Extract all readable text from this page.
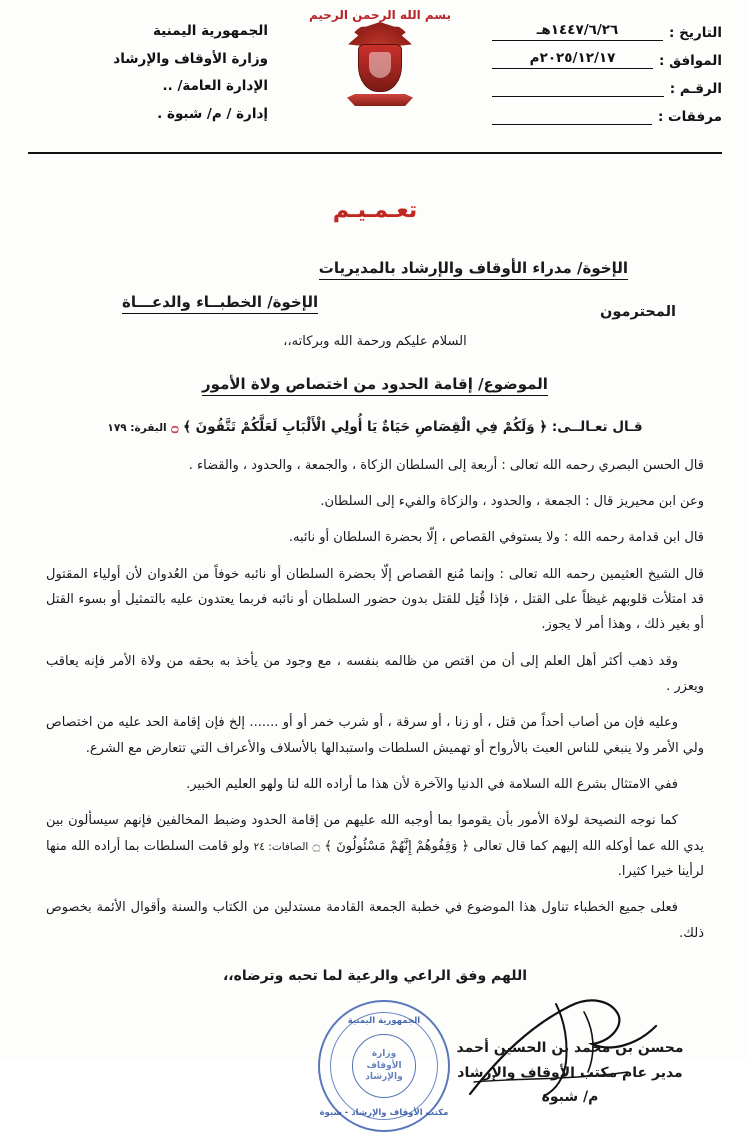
الجمهورية اليمنية
وزارة الأوقاف والإرشاد
الإدارة العامة/ ..
إدارة / م/ شبوة .
بسم الله الرحمن الرحيم
التاريخ :
١٤٤٧/٦/٢٦هـ
الموافق :
٢٠٢٥/١٢/١٧م
الرقـم :
مرفقات :
تعـمـيـم
الإخوة/ مدراء الأوقاف والإرشاد بالمديريات
المحترمون
الإخوة/ الخطبــاء والدعـــاة
السلام عليكم ورحمة الله وبركاته،،
الموضوع/ إقامة الحدود من اختصاص ولاة الأمور
قـال تعـالــى: ﴿ وَلَكُمْ فِي الْقِصَاصِ حَيَاةٌ يَا أُولِي الْأَلْبَابِ لَعَلَّكُمْ تَتَّقُونَ ﴾ ۝ البقرة: ١٧٩

قال الحسن البصري رحمه الله تعالى : أربعة إلى السلطان الزكاة ، والجمعة ، والحدود ، والقضاء .

وعن ابن محيريز قال : الجمعة ، والحدود ، والزكاة والفيء إلى السلطان.

قال ابن قدامة رحمه الله : ولا يستوفي القصاص ، إلّا بحضرة السلطان أو نائبه.

قال الشيخ العثيمين رحمه الله تعالى : وإنما مُنع القصاص إلّا بحضرة السلطان أو نائبه خوفاً من العُدوان لأن أولياء المقتول قد امتلأت قلوبهم غيظاً على القتل ، فإذا قُتِل للقتل بدون حضور السلطان أو نائبه فربما يعتدون عليه بالتمثيل أو بسوء القتل أو بغير ذلك ، وهذا أمر لا يجوز.

وقد ذهب أكثر أهل العلم إلى أن من اقتص من ظالمه بنفسه ، مع وجود من يأخذ به بحقه من ولاة الأمر فإنه يعاقب ويعزر .

وعليه فإن من أصاب أحداً من قتل ، أو زنا ، أو سرقة ، أو شرب خمر أو أو ....... إلخ فإن إقامة الحد عليه من اختصاص ولي الأمر ولا ينبغي للناس العبث بالأرواح أو تهميش السلطات واستبدالها بالأسلاف والأعراف التي تتعارض مع الشرع.

ففي الامتثال بشرع الله السلامة في الدنيا والآخرة لأن هذا ما أراده الله لنا ولهو العليم الخبير.

كما نوجه النصيحة لولاة الأمور بأن يقوموا بما أوجبه الله عليهم من إقامة الحدود وضبط المخالفين فإنهم سيسألون بين يدي الله عما أوكله الله إليهم كما قال تعالى ﴿ وَقِفُوهُمْ إِنَّهُمْ مَسْئُولُونَ ﴾ ۝ الصافات: ٢٤ ولو قامت السلطات بما أراده الله منها لرأينا خيرا كثيرا.

فعلى جميع الخطباء تناول هذا الموضوع في خطبة الجمعة القادمة مستدلين من الكتاب والسنة وأقوال الأئمة بخصوص ذلك.

اللهم وفق الراعي والرعية لما تحبه وترضاه،،
الجمهورية اليمنية
وزارة الأوقاف والإرشاد
مكتب الأوقاف والإرشاد - شبوة
محسن بن محمد بن الحسين أحمد
مدير عام مكتب الأوقاف والإرشاد
م/ شبوة
